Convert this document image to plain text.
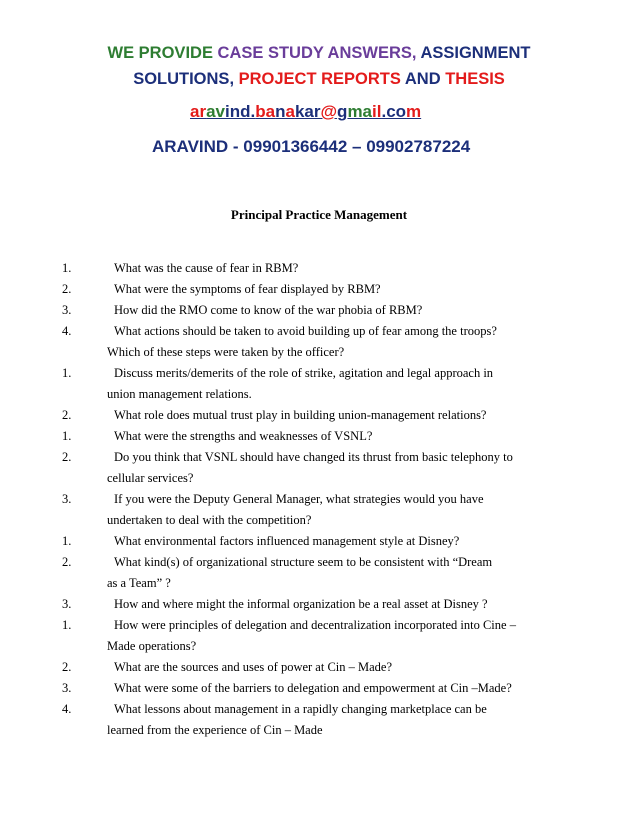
WE PROVIDE CASE STUDY ANSWERS, ASSIGNMENT
SOLUTIONS, PROJECT REPORTS AND THESIS
aravind.banakar@gmail.com
ARAVIND - 09901366442 – 09902787224
Principal Practice Management
1.	What was the cause of fear in RBM?
2.	What were the symptoms of fear displayed by RBM?
3.	How did the RMO come to know of the war phobia of RBM?
4.	What actions should be taken to avoid building up of fear among the troops?
Which of these steps were taken by the officer?
1.	Discuss merits/demerits of the role of strike, agitation and legal approach in
union management relations.
2.	What role does mutual trust play in building union-management relations?
1.	What were the strengths and weaknesses of VSNL?
2.	Do you think that VSNL should have changed its thrust from basic telephony to
cellular services?
3.	If you were the Deputy General Manager, what strategies would you have
undertaken to deal with the competition?
1.	What environmental factors influenced management style at Disney?
2.	What kind(s) of organizational structure seem to be consistent with “Dream
as a Team” ?
3.	How and where might the informal organization be a real asset at Disney ?
1.	How were principles of delegation and decentralization incorporated into Cine –
Made operations?
2.	What are the sources and uses of power at Cin – Made?
3.	What were some of the barriers to delegation and empowerment at Cin –Made?
4.	What lessons about management in a rapidly changing marketplace can be
learned from the experience of Cin – Made
